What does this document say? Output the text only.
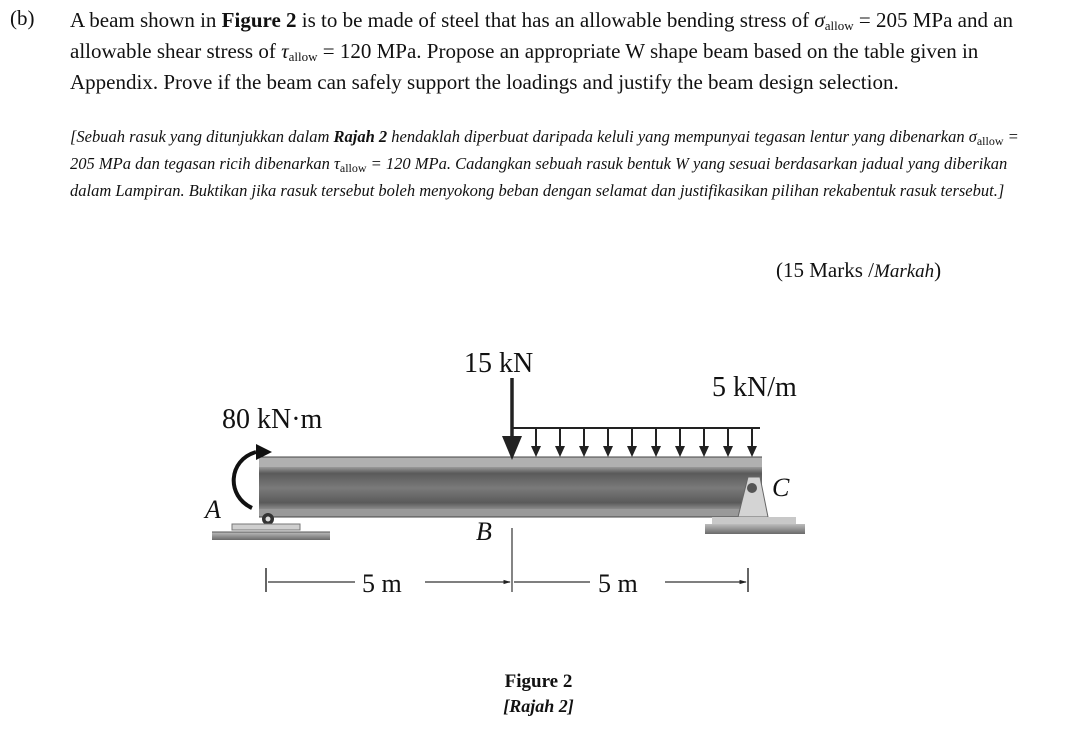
(b) A beam shown in Figure 2 is to be made of steel that has an allowable bending stress of σallow = 205 MPa and an allowable shear stress of τallow = 120 MPa. Propose an appropriate W shape beam based on the table given in Appendix. Prove if the beam can safely support the loadings and justify the beam design selection.
[Sebuah rasuk yang ditunjukkan dalam Rajah 2 hendaklah diperbuat daripada keluli yang mempunyai tegasan lentur yang dibenarkan σallow = 205 MPa dan tegasan ricih dibenarkan τallow = 120 MPa. Cadangkan sebuah rasuk bentuk W yang sesuai berdasarkan jadual yang diberikan dalam Lampiran. Buktikan jika rasuk tersebut boleh menyokong beban dengan selamat dan justifikasikan pilihan rekabentuk rasuk tersebut.]
(15 Marks /Markah)
80 kN·m
15 kN
5 kN/m
A
B
C
5 m	5 m
Figure 2
[Rajah 2]
